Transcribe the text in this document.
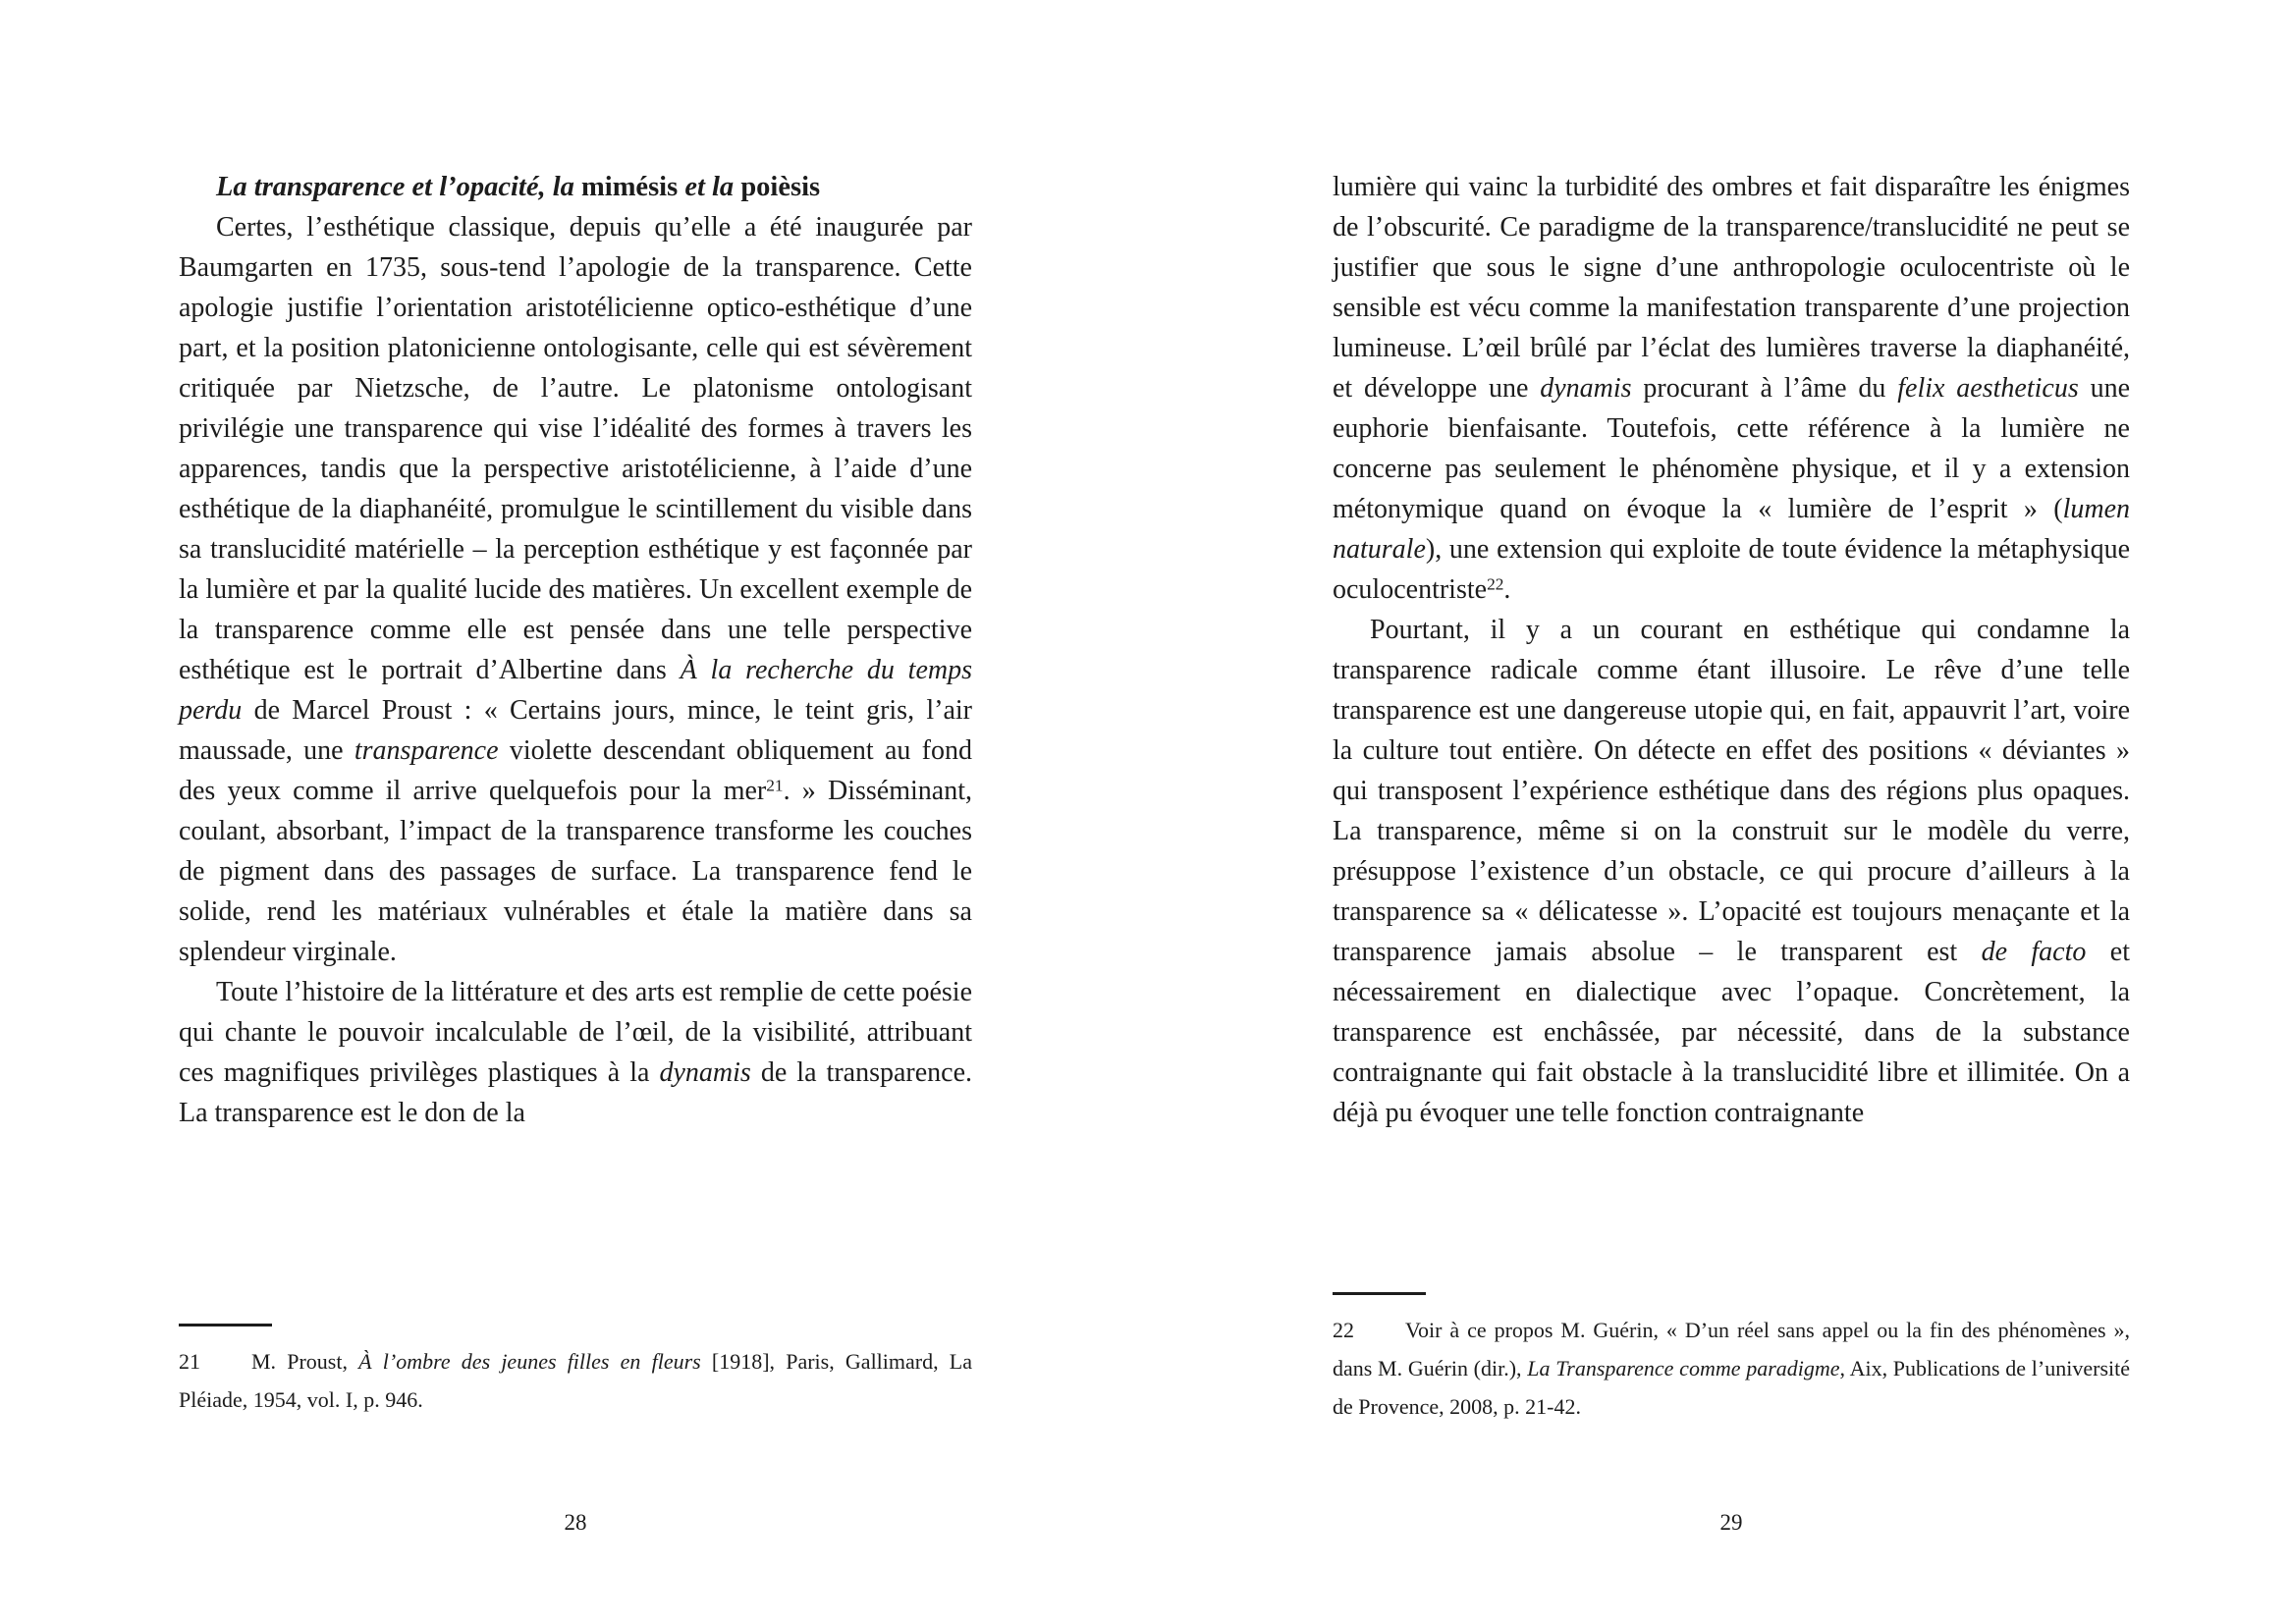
La transparence et l’opacité, la mimésis et la poièsis

Certes, l’esthétique classique, depuis qu’elle a été inaugurée par Baumgarten en 1735, sous-tend l’apologie de la transparence. Cette apologie justifie l’orientation aristotélicienne optico-esthétique d’une part, et la position platonicienne ontologisante, celle qui est sévèrement critiquée par Nietzsche, de l’autre. Le platonisme ontologisant privilégie une transparence qui vise l’idéalité des formes à travers les apparences, tandis que la perspective aristotélicienne, à l’aide d’une esthétique de la diaphanéité, promulgue le scintillement du visible dans sa translucidité matérielle – la perception esthétique y est façonnée par la lumière et par la qualité lucide des matières. Un excellent exemple de la transparence comme elle est pensée dans une telle perspective esthétique est le portrait d’Albertine dans À la recherche du temps perdu de Marcel Proust : « Certains jours, mince, le teint gris, l’air maussade, une transparence violette descendant obliquement au fond des yeux comme il arrive quelquefois pour la mer$^{21}$. » Disséminant, coulant, absorbant, l’impact de la transparence transforme les couches de pigment dans des passages de surface. La transparence fend le solide, rend les matériaux vulnérables et étale la matière dans sa splendeur virginale.

Toute l’histoire de la littérature et des arts est remplie de cette poésie qui chante le pouvoir incalculable de l’œil, de la visibilité, attribuant ces magnifiques privilèges plastiques à la dynamis de la transparence. La transparence est le don de la

21 M. Proust, À l’ombre des jeunes filles en fleurs [1918], Paris, Gallimard, La Pléiade, 1954, vol. I, p. 946.

28

lumière qui vainc la turbidité des ombres et fait disparaître les énigmes de l’obscurité. Ce paradigme de la transparence/translucidité ne peut se justifier que sous le signe d’une anthropologie oculocentriste où le sensible est vécu comme la manifestation transparente d’une projection lumineuse. L’œil brûlé par l’éclat des lumières traverse la diaphanéité, et développe une dynamis procurant à l’âme du felix aestheticus une euphorie bienfaisante. Toutefois, cette référence à la lumière ne concerne pas seulement le phénomène physique, et il y a extension métonymique quand on évoque la « lumière de l’esprit » (lumen naturale), une extension qui exploite de toute évidence la métaphysique oculocentriste$^{22}$.

Pourtant, il y a un courant en esthétique qui condamne la transparence radicale comme étant illusoire. Le rêve d’une telle transparence est une dangereuse utopie qui, en fait, appauvrit l’art, voire la culture tout entière. On détecte en effet des positions « déviantes » qui transposent l’expérience esthétique dans des régions plus opaques. La transparence, même si on la construit sur le modèle du verre, présuppose l’existence d’un obstacle, ce qui procure d’ailleurs à la transparence sa « délicatesse ». L’opacité est toujours menaçante et la transparence jamais absolue – le transparent est de facto et nécessairement en dialectique avec l’opaque. Concrètement, la transparence est enchâssée, par nécessité, dans de la substance contraignante qui fait obstacle à la translucidité libre et illimitée. On a déjà pu évoquer une telle fonction contraignante

22 Voir à ce propos M. Guérin, « D’un réel sans appel ou la fin des phénomènes », dans M. Guérin (dir.), La Transparence comme paradigme, Aix, Publications de l’université de Provence, 2008, p. 21-42.

29
